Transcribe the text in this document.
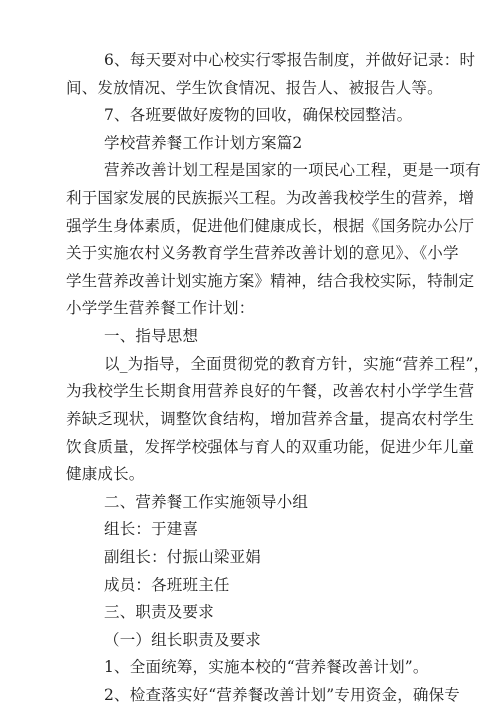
6、每天要对中心校实行零报告制度，并做好记录：时
间、发放情况、学生饮食情况、报告人、被报告人等。
7、各班要做好废物的回收，确保校园整洁。
学校营养餐工作计划方案篇2
营养改善计划工程是国家的一项民心工程，更是一项有
利于国家发展的民族振兴工程。为改善我校学生的营养，增
强学生身体素质，促进他们健康成长，根据《国务院办公厅
关于实施农村义务教育学生营养改善计划的意见》、《小学
学生营养改善计划实施方案》精神，结合我校实际，特制定
小学学生营养餐工作计划：
一、指导思想
以_为指导，全面贯彻党的教育方针，实施“营养工程”，
为我校学生长期食用营养良好的午餐，改善农村小学学生营
养缺乏现状，调整饮食结构，增加营养含量，提高农村学生
饮食质量，发挥学校强体与育人的双重功能，促进少年儿童
健康成长。
二、营养餐工作实施领导小组
组长：于建喜
副组长：付振山梁亚娟
成员：各班班主任
三、职责及要求
（一）组长职责及要求
1、全面统筹，实施本校的“营养餐改善计划”。
2、检查落实好“营养餐改善计划”专用资金，确保专
